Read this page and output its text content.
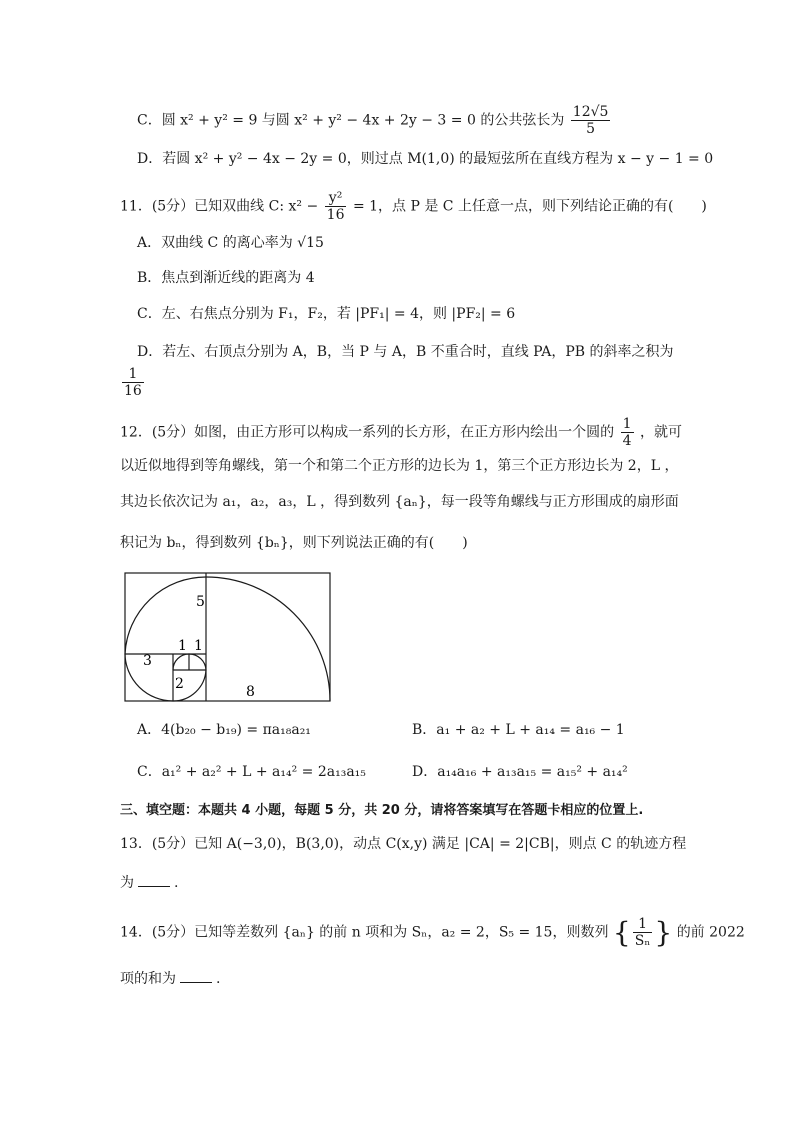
C．圆 x² + y² = 9 与圆 x² + y² − 4x + 2y − 3 = 0 的公共弦长为 $\frac{12√5}{5}$
D．若圆 x² + y² − 4x − 2y = 0，则过点 M(1,0) 的最短弦所在直线方程为 x − y − 1 = 0
11．(5分）已知双曲线 C: $x^2 - \frac{\text{y²}}{16} = 1$，点 P 是 C 上任意一点，则下列结论正确的有(　　)
A．双曲线 C 的离心率为 √15
B．焦点到渐近线的距离为 4
C．左、右焦点分别为 F₁，F₂，若 |PF₁| = 4，则 |PF₂| = 6
D．若左、右顶点分别为 A，B，当 P 与 A，B 不重合时，直线 PA，PB 的斜率之积为
$\frac{1}{16}$
12．(5分）如图，由正方形可以构成一系列的长方形，在正方形内绘出一个圆的 $\frac{1}{4}$ ，就可
以近似地得到等角螺线，第一个和第二个正方形的边长为 1，第三个正方形边长为 2，L ，
其边长依次记为 a₁，a₂，a₃，L ，得到数列 {aₙ}，每一段等角螺线与正方形围成的扇形面
积记为 bₙ，得到数列 {bₙ}，则下列说法正确的有(　　)
5
1 1
3
2	8
A．4(b₂₀ − b₁₉) = πa₁₈a₂₁	B．a₁ + a₂ + L + a₁₄ = a₁₆ − 1
C．a₁² + a₂² + L + a₁₄² = 2a₁₃a₁₅	D．a₁₄a₁₆ + a₁₃a₁₅ = a₁₅² + a₁₄²
三、填空题：本题共 4 小题，每题 5 分，共 20 分，请将答案填写在答题卡相应的位置上.
13．(5分）已知 A(−3,0)，B(3,0)，动点 C(x,y) 满足 |CA| = 2|CB|，则点 C 的轨迹方程
为	.
14．(5分）已知等差数列 {aₙ} 的前 n 项和为 Sₙ，a₂ = 2，S₅ = 15，则数列 { $\frac{1}{\text{Sₙ}}$ } 的前 2022
项的和为	.
